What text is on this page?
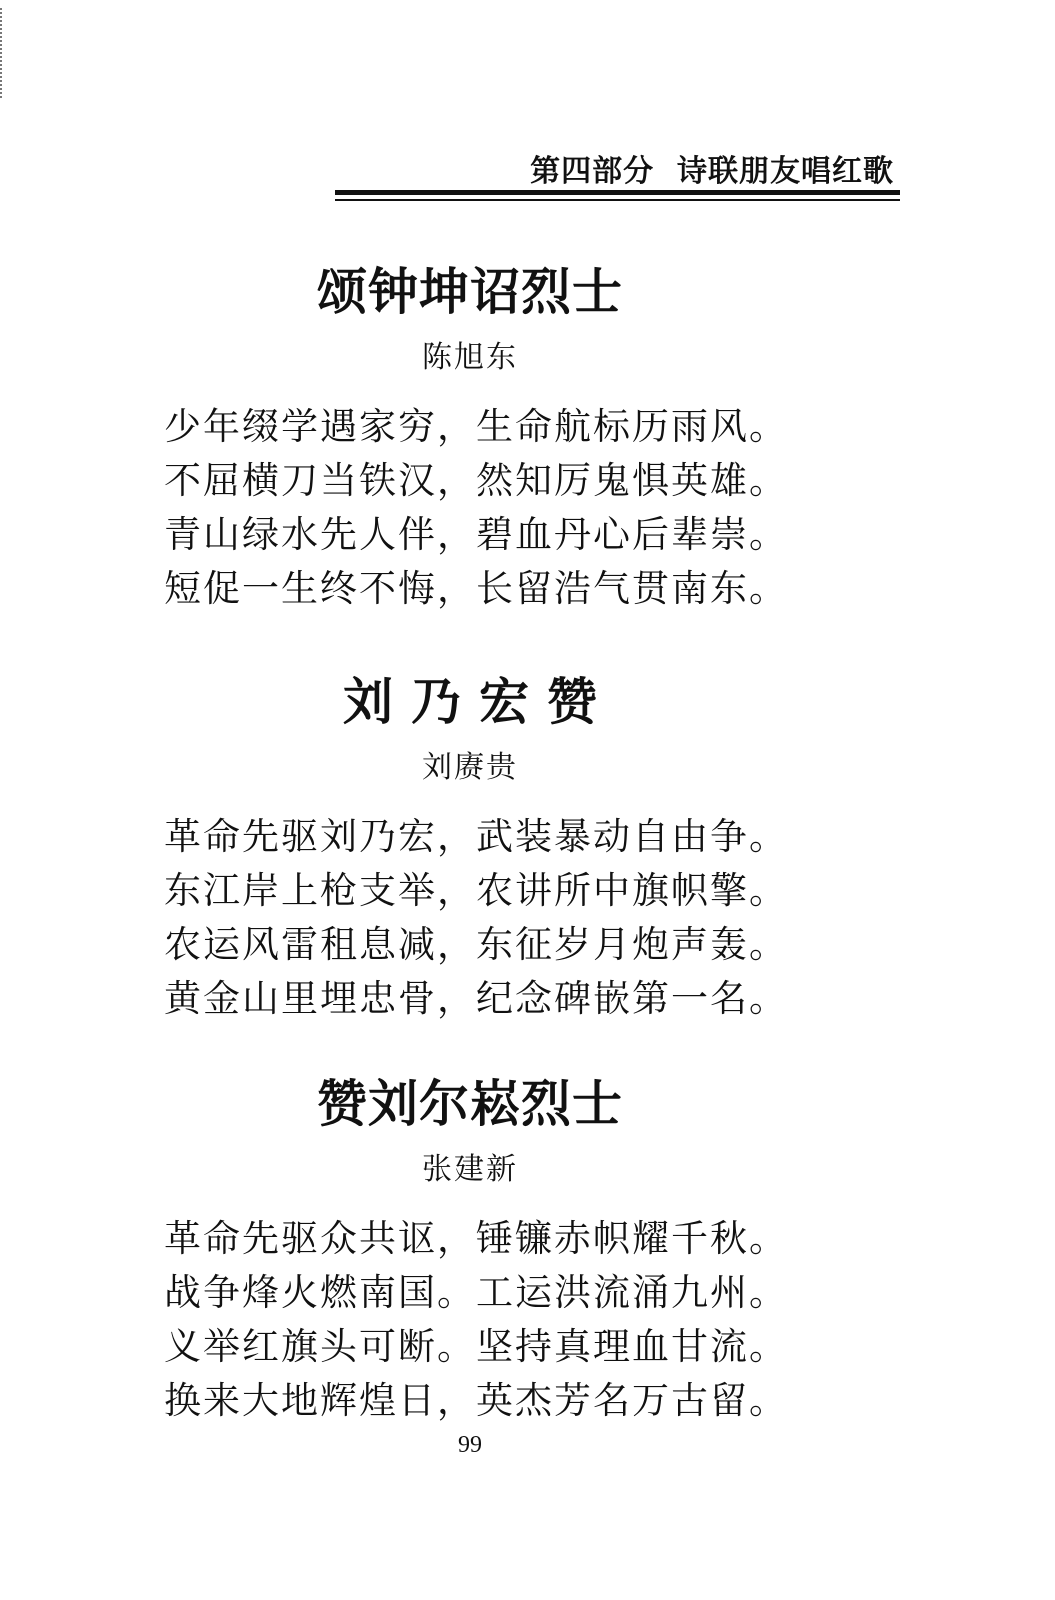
第四部分  诗联朋友唱红歌
颂钟坤诏烈士
陈旭东
少年缀学遇家穷，生命航标历雨风。
不屈横刀当铁汉，然知厉鬼惧英雄。
青山绿水先人伴，碧血丹心后辈崇。
短促一生终不悔，长留浩气贯南东。
刘乃宏赞
刘赓贵
革命先驱刘乃宏，武装暴动自由争。
东江岸上枪支举，农讲所中旗帜擎。
农运风雷租息减，东征岁月炮声轰。
黄金山里埋忠骨，纪念碑嵌第一名。
赞刘尔崧烈士
张建新
革命先驱众共讴，锤镰赤帜耀千秋。
战争烽火燃南国。工运洪流涌九州。
义举红旗头可断。坚持真理血甘流。
换来大地辉煌日，英杰芳名万古留。
99
